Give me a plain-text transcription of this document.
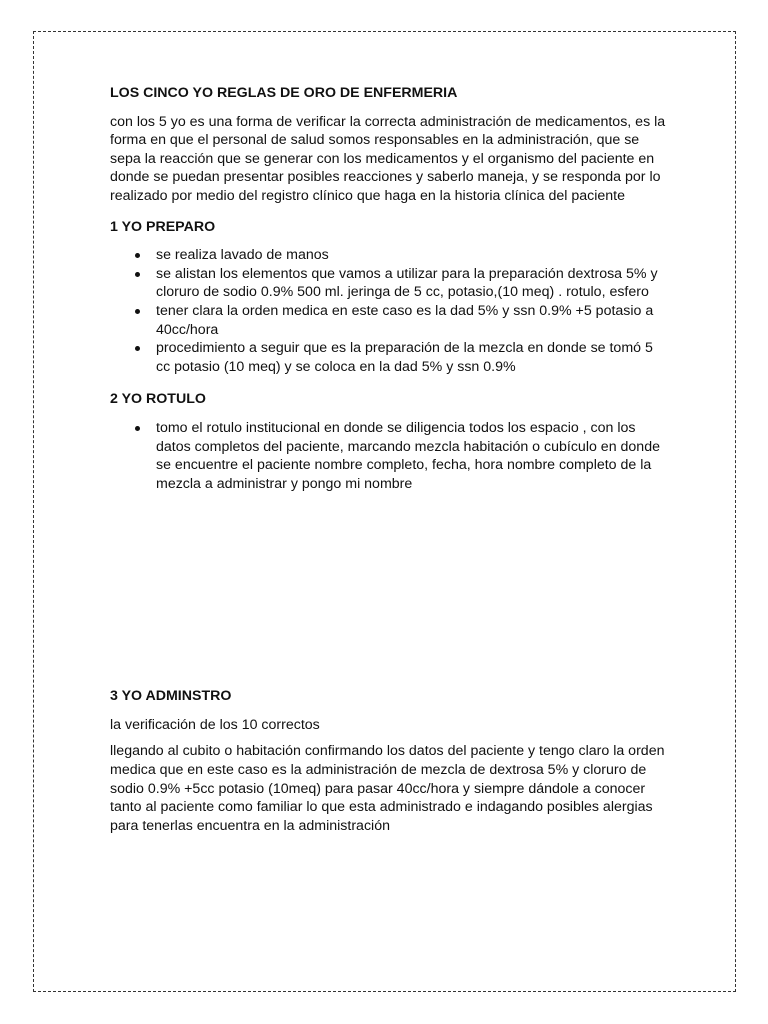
LOS CINCO YO REGLAS DE ORO DE ENFERMERIA

con los 5 yo es una forma de verificar la correcta administración de medicamentos, es la forma en que el personal de salud somos responsables en la administración, que se sepa la reacción que se generar con los medicamentos y el organismo del paciente en donde se puedan presentar posibles reacciones y saberlo maneja, y se responda por lo realizado por medio del registro clínico que haga en la historia clínica del paciente

1 YO PREPARO
se realiza lavado de manos
se alistan los elementos que vamos a utilizar para la preparación dextrosa 5% y cloruro de sodio 0.9% 500 ml. jeringa de 5 cc, potasio,(10 meq) . rotulo, esfero
tener clara la orden medica en este caso es la dad 5% y ssn 0.9% +5 potasio a 40cc/hora
procedimiento a seguir que es la preparación de la mezcla en donde se tomó 5 cc potasio (10 meq) y se coloca en la dad 5% y ssn 0.9%
2 YO ROTULO
tomo el rotulo institucional en donde se diligencia todos los espacio , con los datos completos del paciente, marcando mezcla habitación o cubículo en donde se encuentre el paciente nombre completo, fecha, hora nombre completo de la mezcla a administrar y pongo mi nombre
3 YO ADMINSTRO

la verificación de los 10 correctos

llegando al cubito o habitación confirmando los datos del paciente y tengo claro la orden medica que en este caso es la administración de mezcla de dextrosa 5% y cloruro de sodio 0.9% +5cc potasio (10meq) para pasar 40cc/hora y siempre dándole a conocer tanto al paciente como familiar lo que esta administrado e indagando posibles alergias para tenerlas encuentra en la administración
